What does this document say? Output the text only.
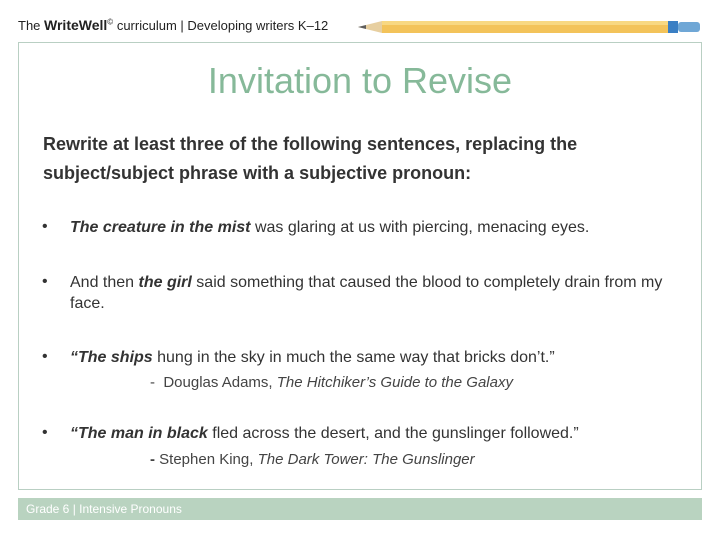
The WriteWell© curriculum | Developing writers K–12
Invitation to Revise
Rewrite at least three of the following sentences, replacing the subject/subject phrase with a subjective pronoun:
• The creature in the mist was glaring at us with piercing, menacing eyes.
• And then the girl said something that caused the blood to completely drain from my face.
• “The ships hung in the sky in much the same way that bricks don’t.”
- Douglas Adams, The Hitchiker’s Guide to the Galaxy
• “The man in black fled across the desert, and the gunslinger followed.”
- Stephen King, The Dark Tower: The Gunslinger
Grade 6 | Intensive Pronouns
